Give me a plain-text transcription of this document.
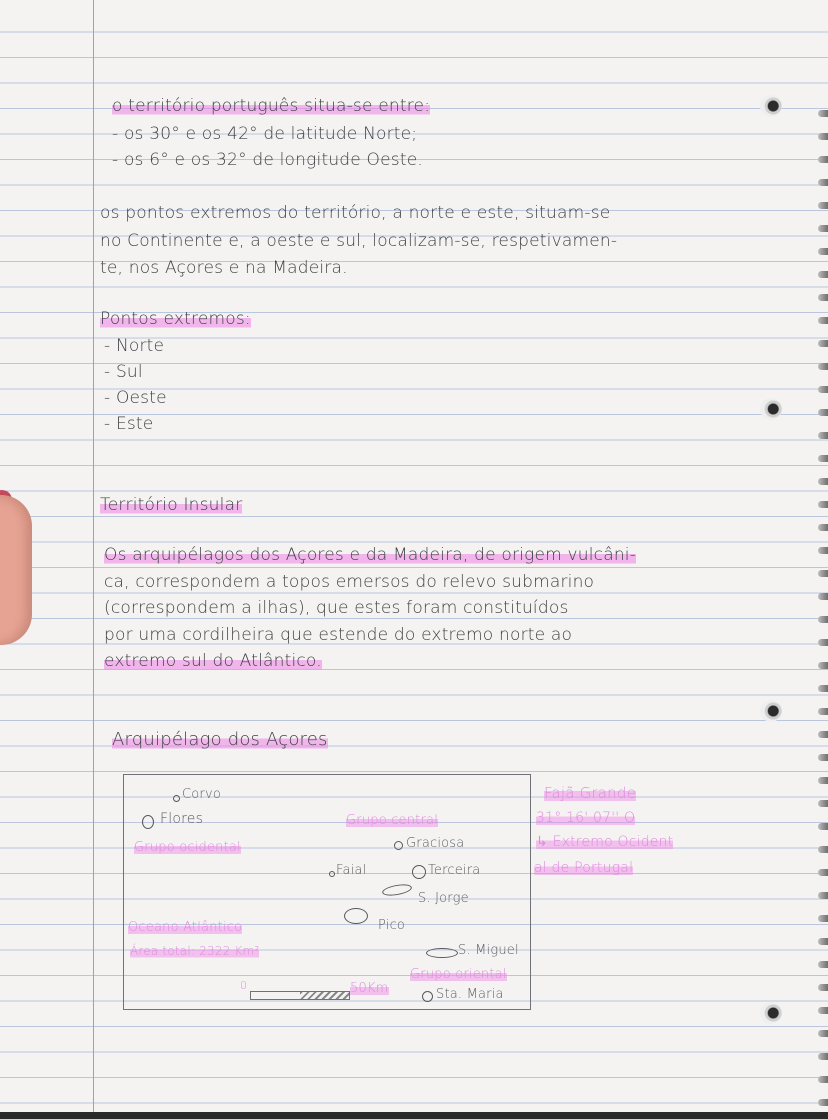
o território português situa-se entre:
- os 30° e os 42° de latitude Norte;
- os 6° e os 32° de longitude Oeste.
os pontos extremos do território, a norte e este, situam-se
no Continente e, a oeste e sul, localizam-se, respetivamen-
te, nos Açores e na Madeira.
Pontos extremos:
- Norte
- Sul
- Oeste
- Este
Território Insular
Os arquipélagos dos Açores e da Madeira, de origem vulcâni-
ca, correspondem a topos emersos do relevo submarino
(correspondem a ilhas), que estes foram constituídos
por uma cordilheira que estende do extremo norte ao
extremo sul do Atlântico.
Arquipélago dos Açores
Corvo
Flores
Grupo ocidental
Grupo central
Graciosa
Faial	Terceira
S. Jorge
Pico
Oceano Atlântico
Área total: 2322 Km²	S. Miguel
Grupo oriental
Sta. Maria
0	50Km
Fajã Grande
31° 16' 07'' O
↳ Extremo Ocident
al de Portugal
